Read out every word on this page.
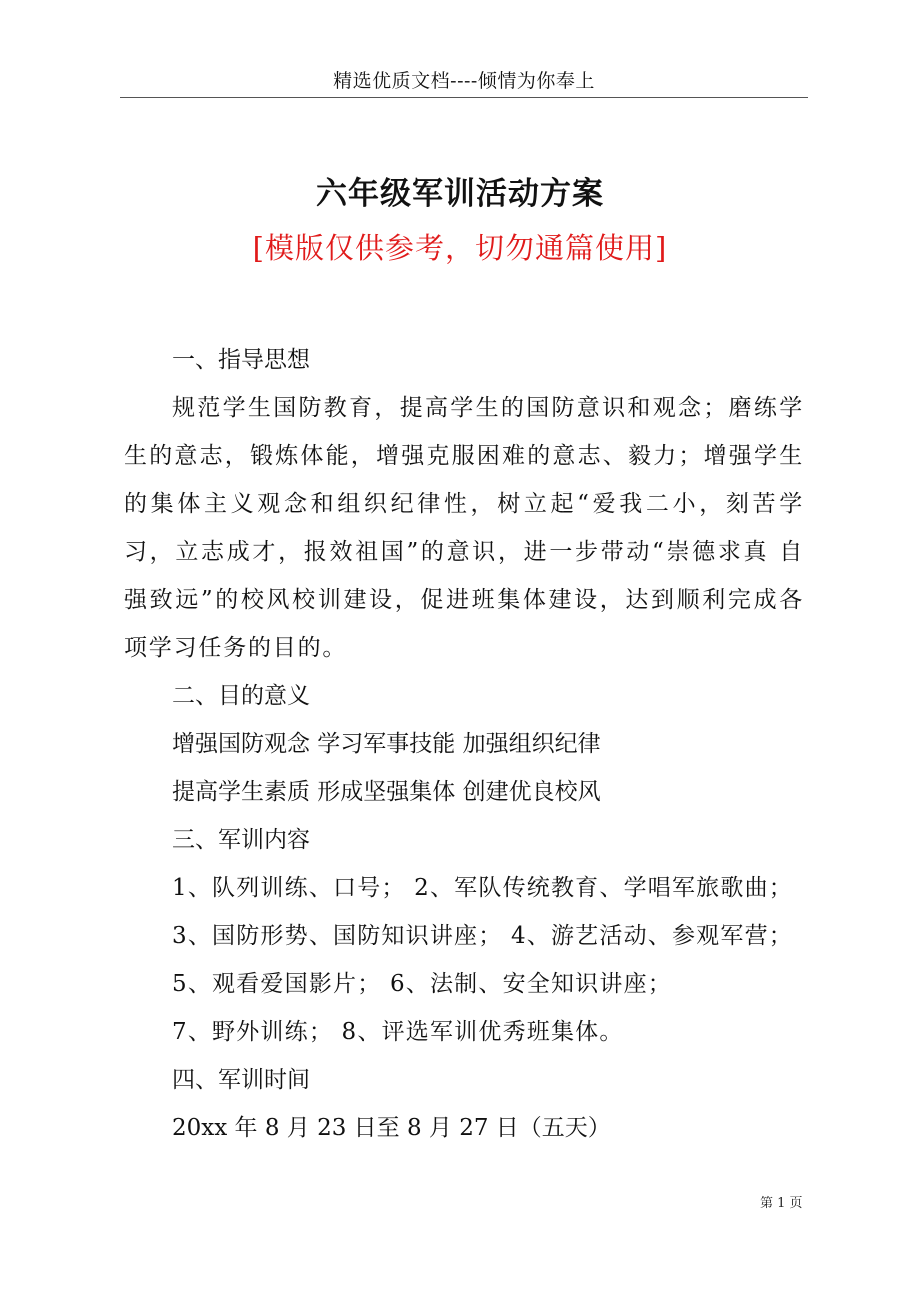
精选优质文档----倾情为你奉上
六年级军训活动方案
[模版仅供参考，切勿通篇使用]

一、指导思想

规范学生国防教育，提高学生的国防意识和观念；磨练学生的意志，锻炼体能，增强克服困难的意志、毅力；增强学生的集体主义观念和组织纪律性，树立起“爱我二小，刻苦学习，立志成才，报效祖国”的意识，进一步带动“崇德求真 自强致远”的校风校训建设，促进班集体建设，达到顺利完成各项学习任务的目的。

二、目的意义

增强国防观念 学习军事技能 加强组织纪律

提高学生素质 形成坚强集体 创建优良校风

三、军训内容

1、队列训练、口号； 2、军队传统教育、学唱军旅歌曲；

3、国防形势、国防知识讲座； 4、游艺活动、参观军营；

5、观看爱国影片； 6、法制、安全知识讲座；

7、野外训练； 8、评选军训优秀班集体。

四、军训时间

20xx 年 8 月 23 日至 8 月 27 日（五天）

第 1 页
